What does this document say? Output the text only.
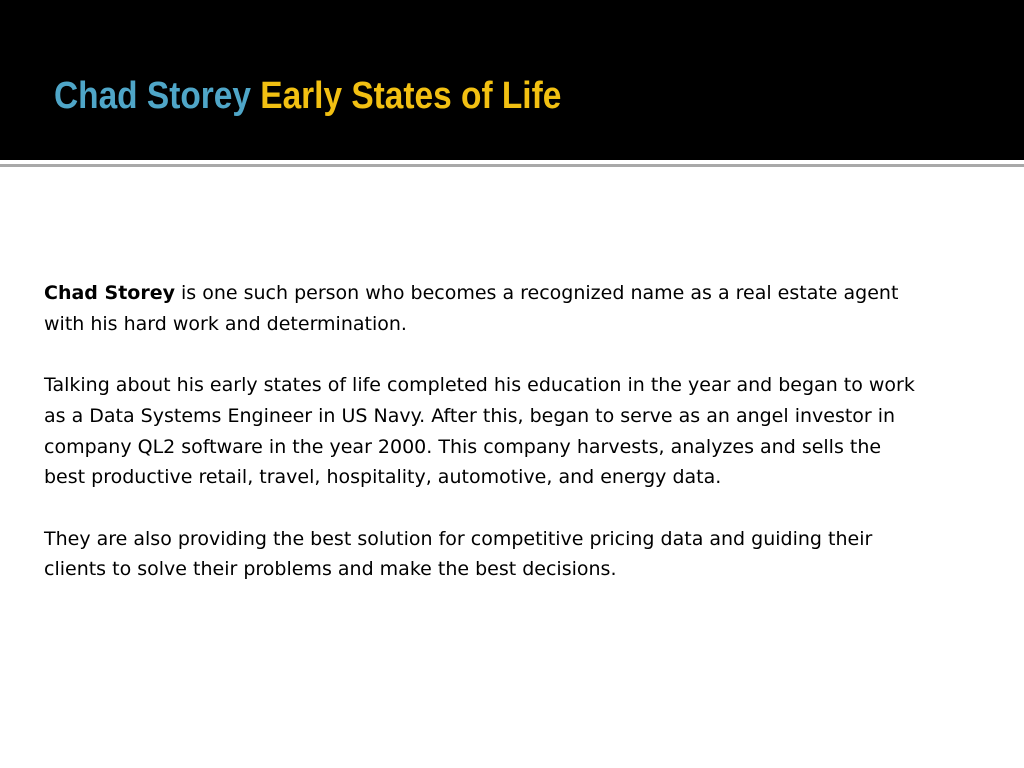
Chad Storey Early States of Life

Chad Storey is one such person who becomes a recognized name as a real estate agent with his hard work and determination.

Talking about his early states of life completed his education in the year and began to work as a Data Systems Engineer in US Navy. After this, began to serve as an angel investor in company QL2 software in the year 2000. This company harvests, analyzes and sells the best productive retail, travel, hospitality, automotive, and energy data.

They are also providing the best solution for competitive pricing data and guiding their clients to solve their problems and make the best decisions.
